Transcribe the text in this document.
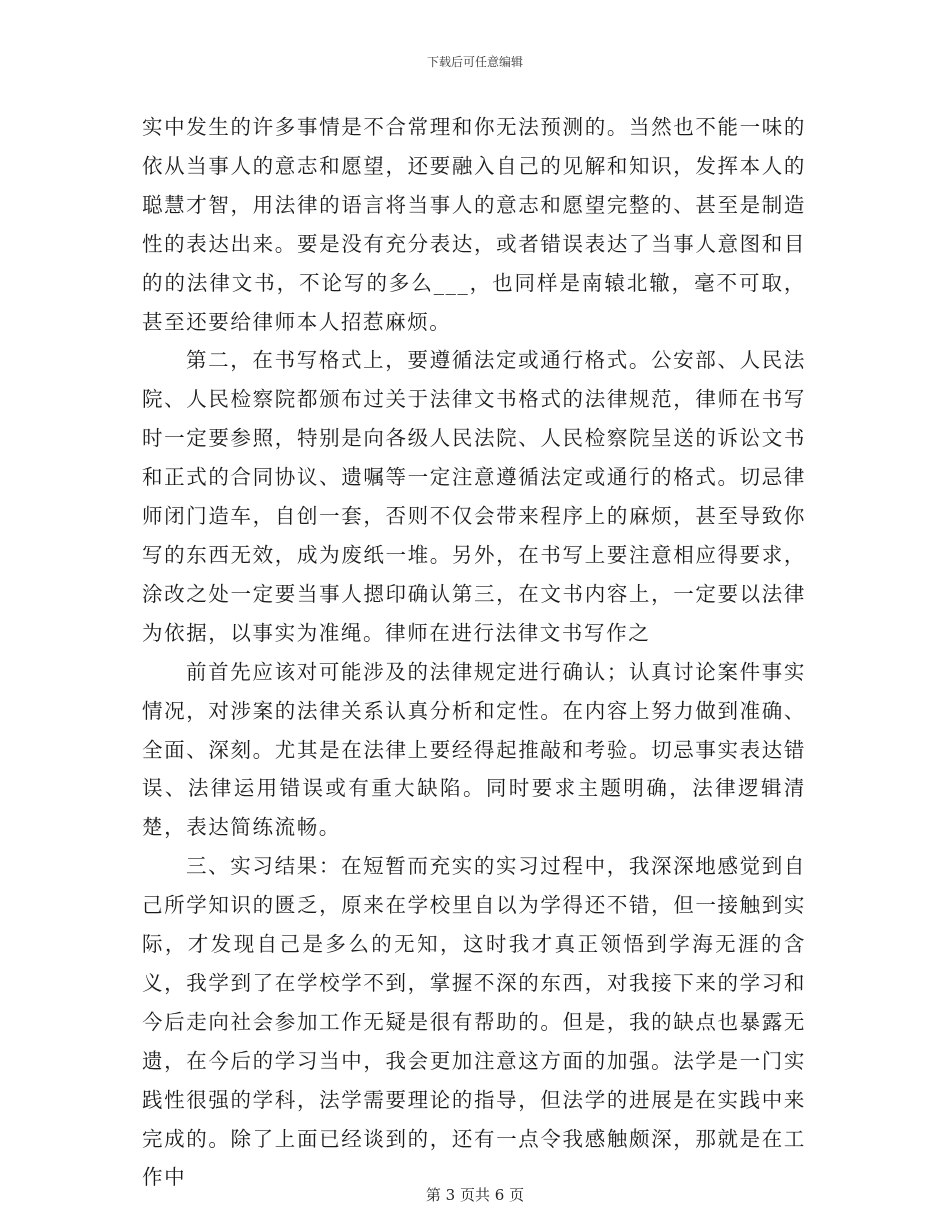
下载后可任意编辑

实中发生的许多事情是不合常理和你无法预测的。当然也不能一味的依从当事人的意志和愿望，还要融入自己的见解和知识，发挥本人的聪慧才智，用法律的语言将当事人的意志和愿望完整的、甚至是制造性的表达出来。要是没有充分表达，或者错误表达了当事人意图和目的的法律文书，不论写的多么___，也同样是南辕北辙，毫不可取，甚至还要给律师本人招惹麻烦。

第二，在书写格式上，要遵循法定或通行格式。公安部、人民法院、人民检察院都颁布过关于法律文书格式的法律规范，律师在书写时一定要参照，特别是向各级人民法院、人民检察院呈送的诉讼文书和正式的合同协议、遗嘱等一定注意遵循法定或通行的格式。切忌律师闭门造车，自创一套，否则不仅会带来程序上的麻烦，甚至导致你写的东西无效，成为废纸一堆。另外，在书写上要注意相应得要求，涂改之处一定要当事人摁印确认第三，在文书内容上，一定要以法律为依据，以事实为准绳。律师在进行法律文书写作之

前首先应该对可能涉及的法律规定进行确认；认真讨论案件事实情况，对涉案的法律关系认真分析和定性。在内容上努力做到准确、全面、深刻。尤其是在法律上要经得起推敲和考验。切忌事实表达错误、法律运用错误或有重大缺陷。同时要求主题明确，法律逻辑清楚，表达简练流畅。

三、实习结果：在短暂而充实的实习过程中，我深深地感觉到自己所学知识的匮乏，原来在学校里自以为学得还不错，但一接触到实际，才发现自己是多么的无知，这时我才真正领悟到学海无涯的含义，我学到了在学校学不到，掌握不深的东西，对我接下来的学习和今后走向社会参加工作无疑是很有帮助的。但是，我的缺点也暴露无遗，在今后的学习当中，我会更加注意这方面的加强。法学是一门实践性很强的学科，法学需要理论的指导，但法学的进展是在实践中来完成的。除了上面已经谈到的，还有一点令我感触颇深，那就是在工作中

第 3 页共 6 页
